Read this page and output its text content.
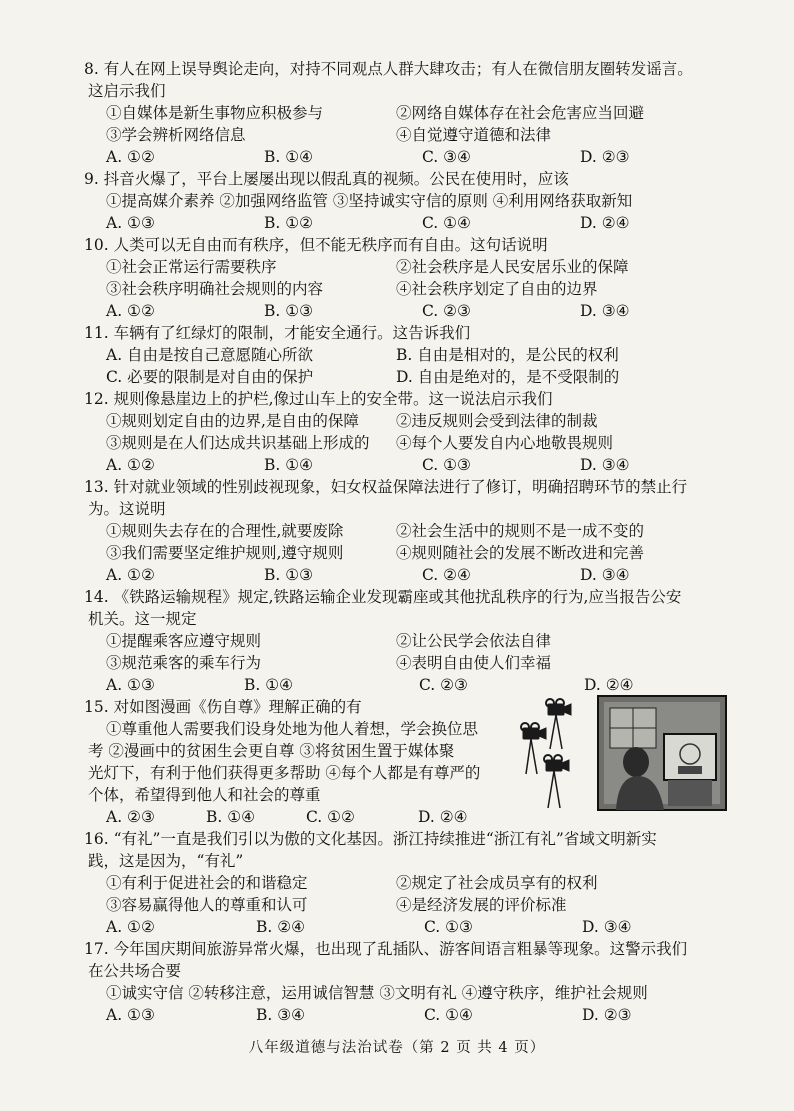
8. 有人在网上误导舆论走向，对持不同观点人群大肆攻击；有人在微信朋友圈转发谣言。
这启示我们
①自媒体是新生事物应积极参与	②网络自媒体存在社会危害应当回避
③学会辨析网络信息	④自觉遵守道德和法律
A. ①②	B. ①④	C. ③④	D. ②③
9. 抖音火爆了，平台上屡屡出现以假乱真的视频。公民在使用时，应该
①提高媒介素养 ②加强网络监管 ③坚持诚实守信的原则 ④利用网络获取新知
A. ①③	B. ①②	C. ①④	D. ②④
10. 人类可以无自由而有秩序，但不能无秩序而有自由。这句话说明
①社会正常运行需要秩序	②社会秩序是人民安居乐业的保障
③社会秩序明确社会规则的内容	④社会秩序划定了自由的边界
A. ①②	B. ①③	C. ②③	D. ③④
11. 车辆有了红绿灯的限制，才能安全通行。这告诉我们
A. 自由是按自己意愿随心所欲	B. 自由是相对的，是公民的权利
C. 必要的限制是对自由的保护	D. 自由是绝对的，是不受限制的
12. 规则像悬崖边上的护栏,像过山车上的安全带。这一说法启示我们
①规则划定自由的边界,是自由的保障	②违反规则会受到法律的制裁
③规则是在人们达成共识基础上形成的	④每个人要发自内心地敬畏规则
A. ①②	B. ①④	C. ①③	D. ③④
13. 针对就业领域的性别歧视现象，妇女权益保障法进行了修订，明确招聘环节的禁止行
为。这说明
①规则失去存在的合理性,就要废除	②社会生活中的规则不是一成不变的
③我们需要坚定维护规则,遵守规则	④规则随社会的发展不断改进和完善
A. ①②	B. ①③	C. ②④	D. ③④
14. 《铁路运输规程》规定,铁路运输企业发现霸座或其他扰乱秩序的行为,应当报告公安
机关。这一规定
①提醒乘客应遵守规则	②让公民学会依法自律
③规范乘客的乘车行为	④表明自由使人们幸福
A. ①③	B. ①④	C. ②③	D. ②④
15. 对如图漫画《伤自尊》理解正确的有
①尊重他人需要我们设身处地为他人着想，学会换位思
考 ②漫画中的贫困生会更自尊 ③将贫困生置于媒体聚
光灯下，有利于他们获得更多帮助 ④每个人都是有尊严的
个体，希望得到他人和社会的尊重
A. ②③	B. ①④	C. ①②	D. ②④
16. “有礼”一直是我们引以为傲的文化基因。浙江持续推进“浙江有礼”省域文明新实
践，这是因为，“有礼”
①有利于促进社会的和谐稳定	②规定了社会成员享有的权利
③容易赢得他人的尊重和认可	④是经济发展的评价标准
A. ①②	B. ②④	C. ①③	D. ③④
17. 今年国庆期间旅游异常火爆，也出现了乱插队、游客间语言粗暴等现象。这警示我们
在公共场合要
①诚实守信 ②转移注意，运用诚信智慧 ③文明有礼 ④遵守秩序，维护社会规则
A. ①③	B. ③④	C. ①④	D. ②③
八年级道德与法治试卷（第 2 页 共 4 页）
